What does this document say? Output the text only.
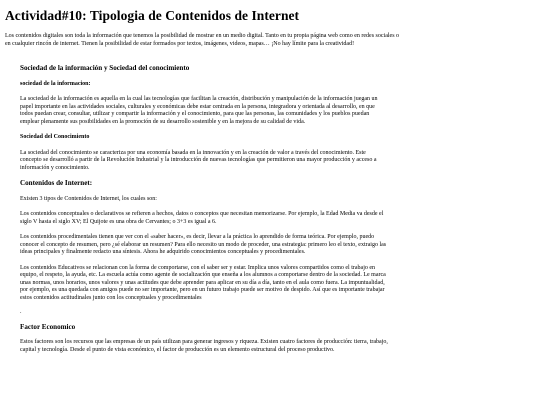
Actividad#10: Tipologia de Contenidos de Internet

Los contenidos digitales son toda la información que tenemos la posibilidad de mostrar en un medio digital. Tanto en tu propia página web como en redes sociales o en cualquier rincón de internet. Tienen la posibilidad de estar formados por textos, imágenes, videos, mapas… ¡No hay límite para la creatividad!

Sociedad de la información y Sociedad del conocimiento
sociedad de la informacion:

La sociedad de la información es aquella en la cual las tecnologías que facilitan la creación, distribución y manipulación de la información juegan un papel importante en las actividades sociales, culturales y económicas debe estar centrada en la persona, integradora y orientada al desarrollo, en que todos puedan crear, consultar, utilizar y compartir la información y el conocimiento, para que las personas, las comunidades y los pueblos puedan emplear plenamente sus posibilidades en la promoción de su desarrollo sostenible y en la mejora de su calidad de vida.

Sociedad del Conocimiento

La sociedad del conocimiento se caracteriza por una economía basada en la innovación y en la creación de valor a través del conocimiento. Este concepto se desarrolló a partir de la Revolución Industrial y la introducción de nuevas tecnologías que permitieron una mayor producción y acceso a información y conocimiento.

Contenidos de Internet:

Existen 3 tipos de Contenidos de Internet, los cuales son:

Los contenidos conceptuales o declarativos se refieren a hechos, datos o conceptos que necesitan memorizarse. Por ejemplo, la Edad Media va desde el siglo V hasta el siglo XV; El Quijote es una obra de Cervantes; o 3+3 es igual a 6.

Los contenidos procedimentales tienen que ver con el «saber hacer», es decir, llevar a la práctica lo aprendido de forma teórica. Por ejemplo, puedo conocer el concepto de resumen, pero ¿sé elaborar un resumen? Para ello necesito un modo de proceder, una estrategia: primero leo el texto, extraigo las ideas principales y finalmente redacto una síntesis. Ahora he adquirido conocimientos conceptuales y procedimentales.

Los contenidos Educativos se relacionan con la forma de comportarse, con el saber ser y estar. Implica unos valores compartidos como el trabajo en equipo, el respeto, la ayuda, etc. La escuela actúa como agente de socialización que enseña a los alumnos a comportarse dentro de la sociedad. Le marca unas normas, unos horarios, unos valores y unas actitudes que debe aprender para aplicar en su día a día, tanto en el aula como fuera. La impuntualidad, por ejemplo, es una quedada con amigos puede no ser importante, pero en un futuro trabajo puede ser motivo de despido. Así que es importante trabajar estos contenidos actitudinales junto con los conceptuales y procedimentales

.

Factor Economico

Estos factores son los recursos que las empresas de un país utilizan para generar ingresos y riqueza. Existen cuatro factores de producción: tierra, trabajo, capital y tecnología. Desde el punto de vista económico, el factor de producción es un elemento estructural del proceso productivo.
